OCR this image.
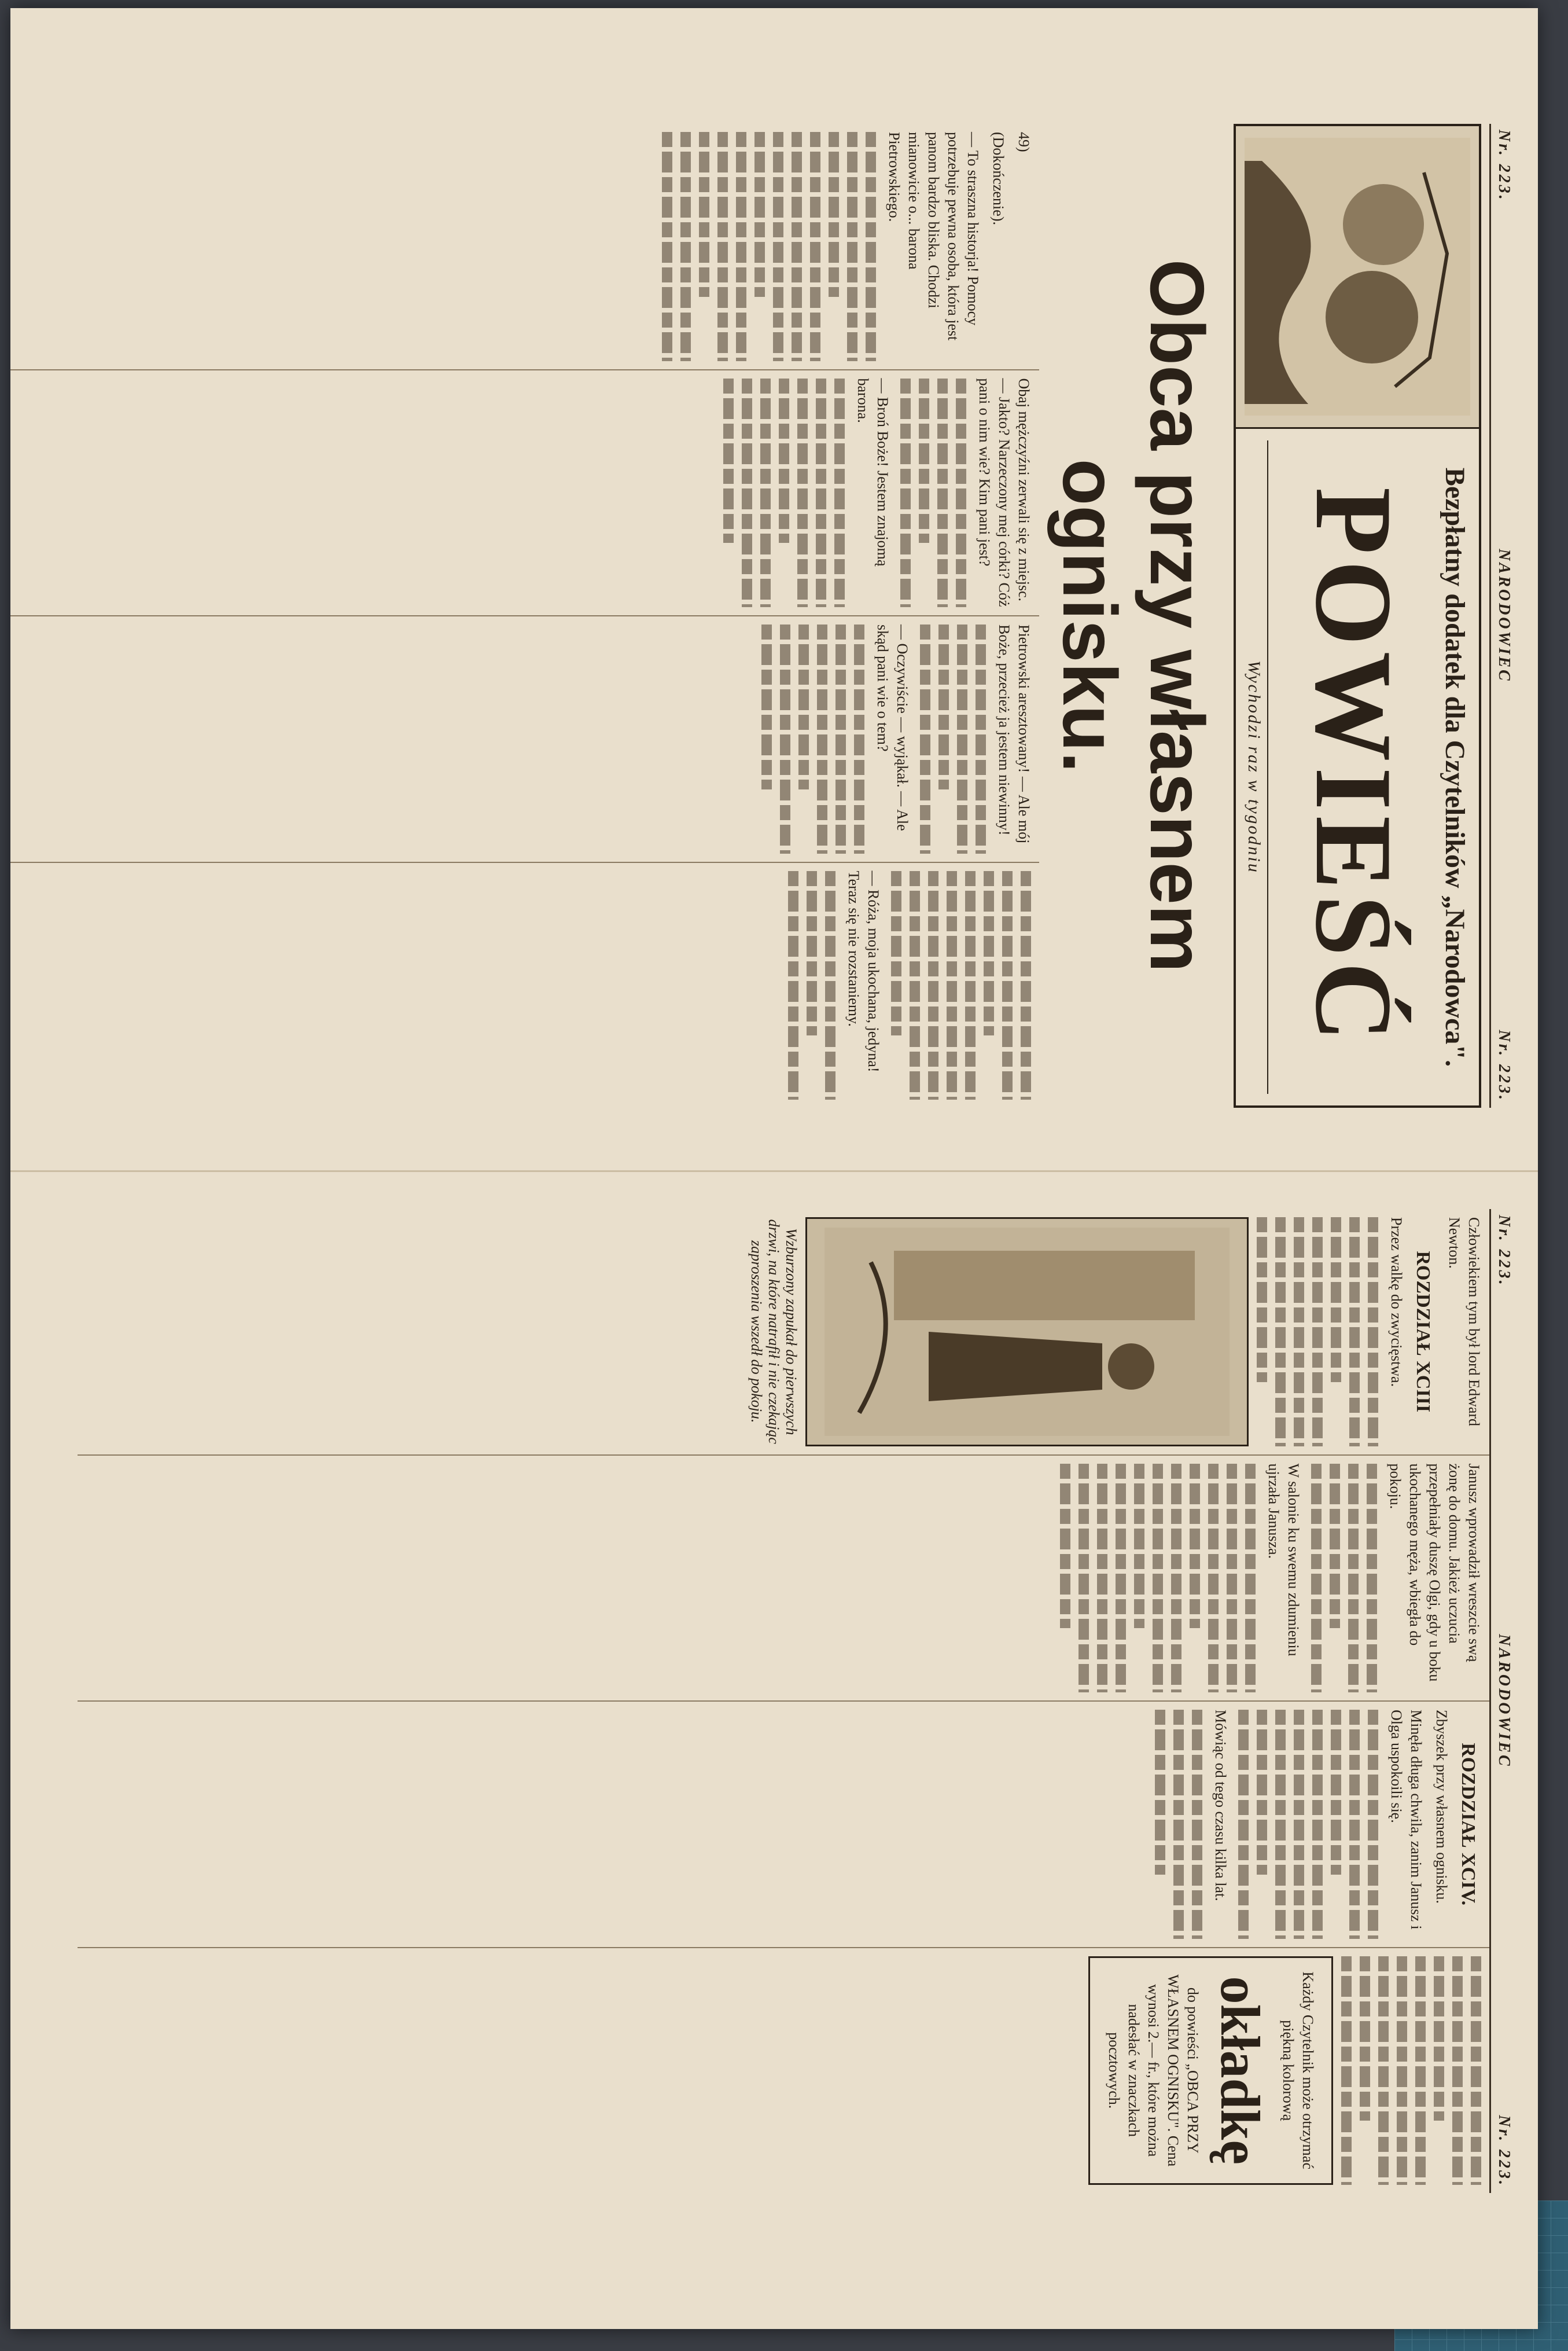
Nr. 223.
NARODOWIEC
Nr. 223.
Bezpłatny dodatek dla Czytelników „Narodowca".
POWIEŚĆ
Wychodzi raz w tygodniu
Obca przy własnem ognisku.
49)
(Dokończenie).
— To straszna historja! Pomocy potrzebuje pewna osoba, która jest panom bardzo bliska. Chodzi mianowicie o... barona Pietrowskiego.
Obaj mężczyźni zerwali się z miejsc. — Jakto? Narzeczony mej córki? Cóż pani o nim wie? Kim pani jest?
— Broń Boże! Jestem znajomą barona.
Pietrowski aresztowany! — Ale mój Boże, przecież ja jestem niewinny!
— Oczywiście — wyjąkał. — Ale skąd pani wie o tem?
— Róża, moja ukochana, jedyna! Teraz się nie rozstaniemy.
Nr. 223.
NARODOWIEC
Nr. 223.
Człowiekiem tym był lord Edward Newton.
ROZDZIAŁ XCIII
Przez walkę do zwycięstwa.
Wzburzony zapukał do pierwszych drzwi, na które natrafił i nie czekając zaproszenia wszedł do pokoju.
Janusz wprowadził wreszcie swą żonę do domu. Jakież uczucia przepełniały duszę Olgi, gdy u boku ukochanego męża, wbiegła do pokoju.
W salonie ku swemu zdumieniu ujrzała Janusza.
ROZDZIAŁ XCIV.
Zbyszek przy własnem ognisku.
Minęła długa chwila, zanim Janusz i Olga uspokoili się.
Mówiąc od tego czasu kilka lat.
Każdy Czytelnik może otrzymać piękną kolorową
okładkę
do powieści „OBCA PRZY WŁASNEM OGNISKU". Cena wynosi 2.— fr., które można nadesłać w znaczkach pocztowych.
